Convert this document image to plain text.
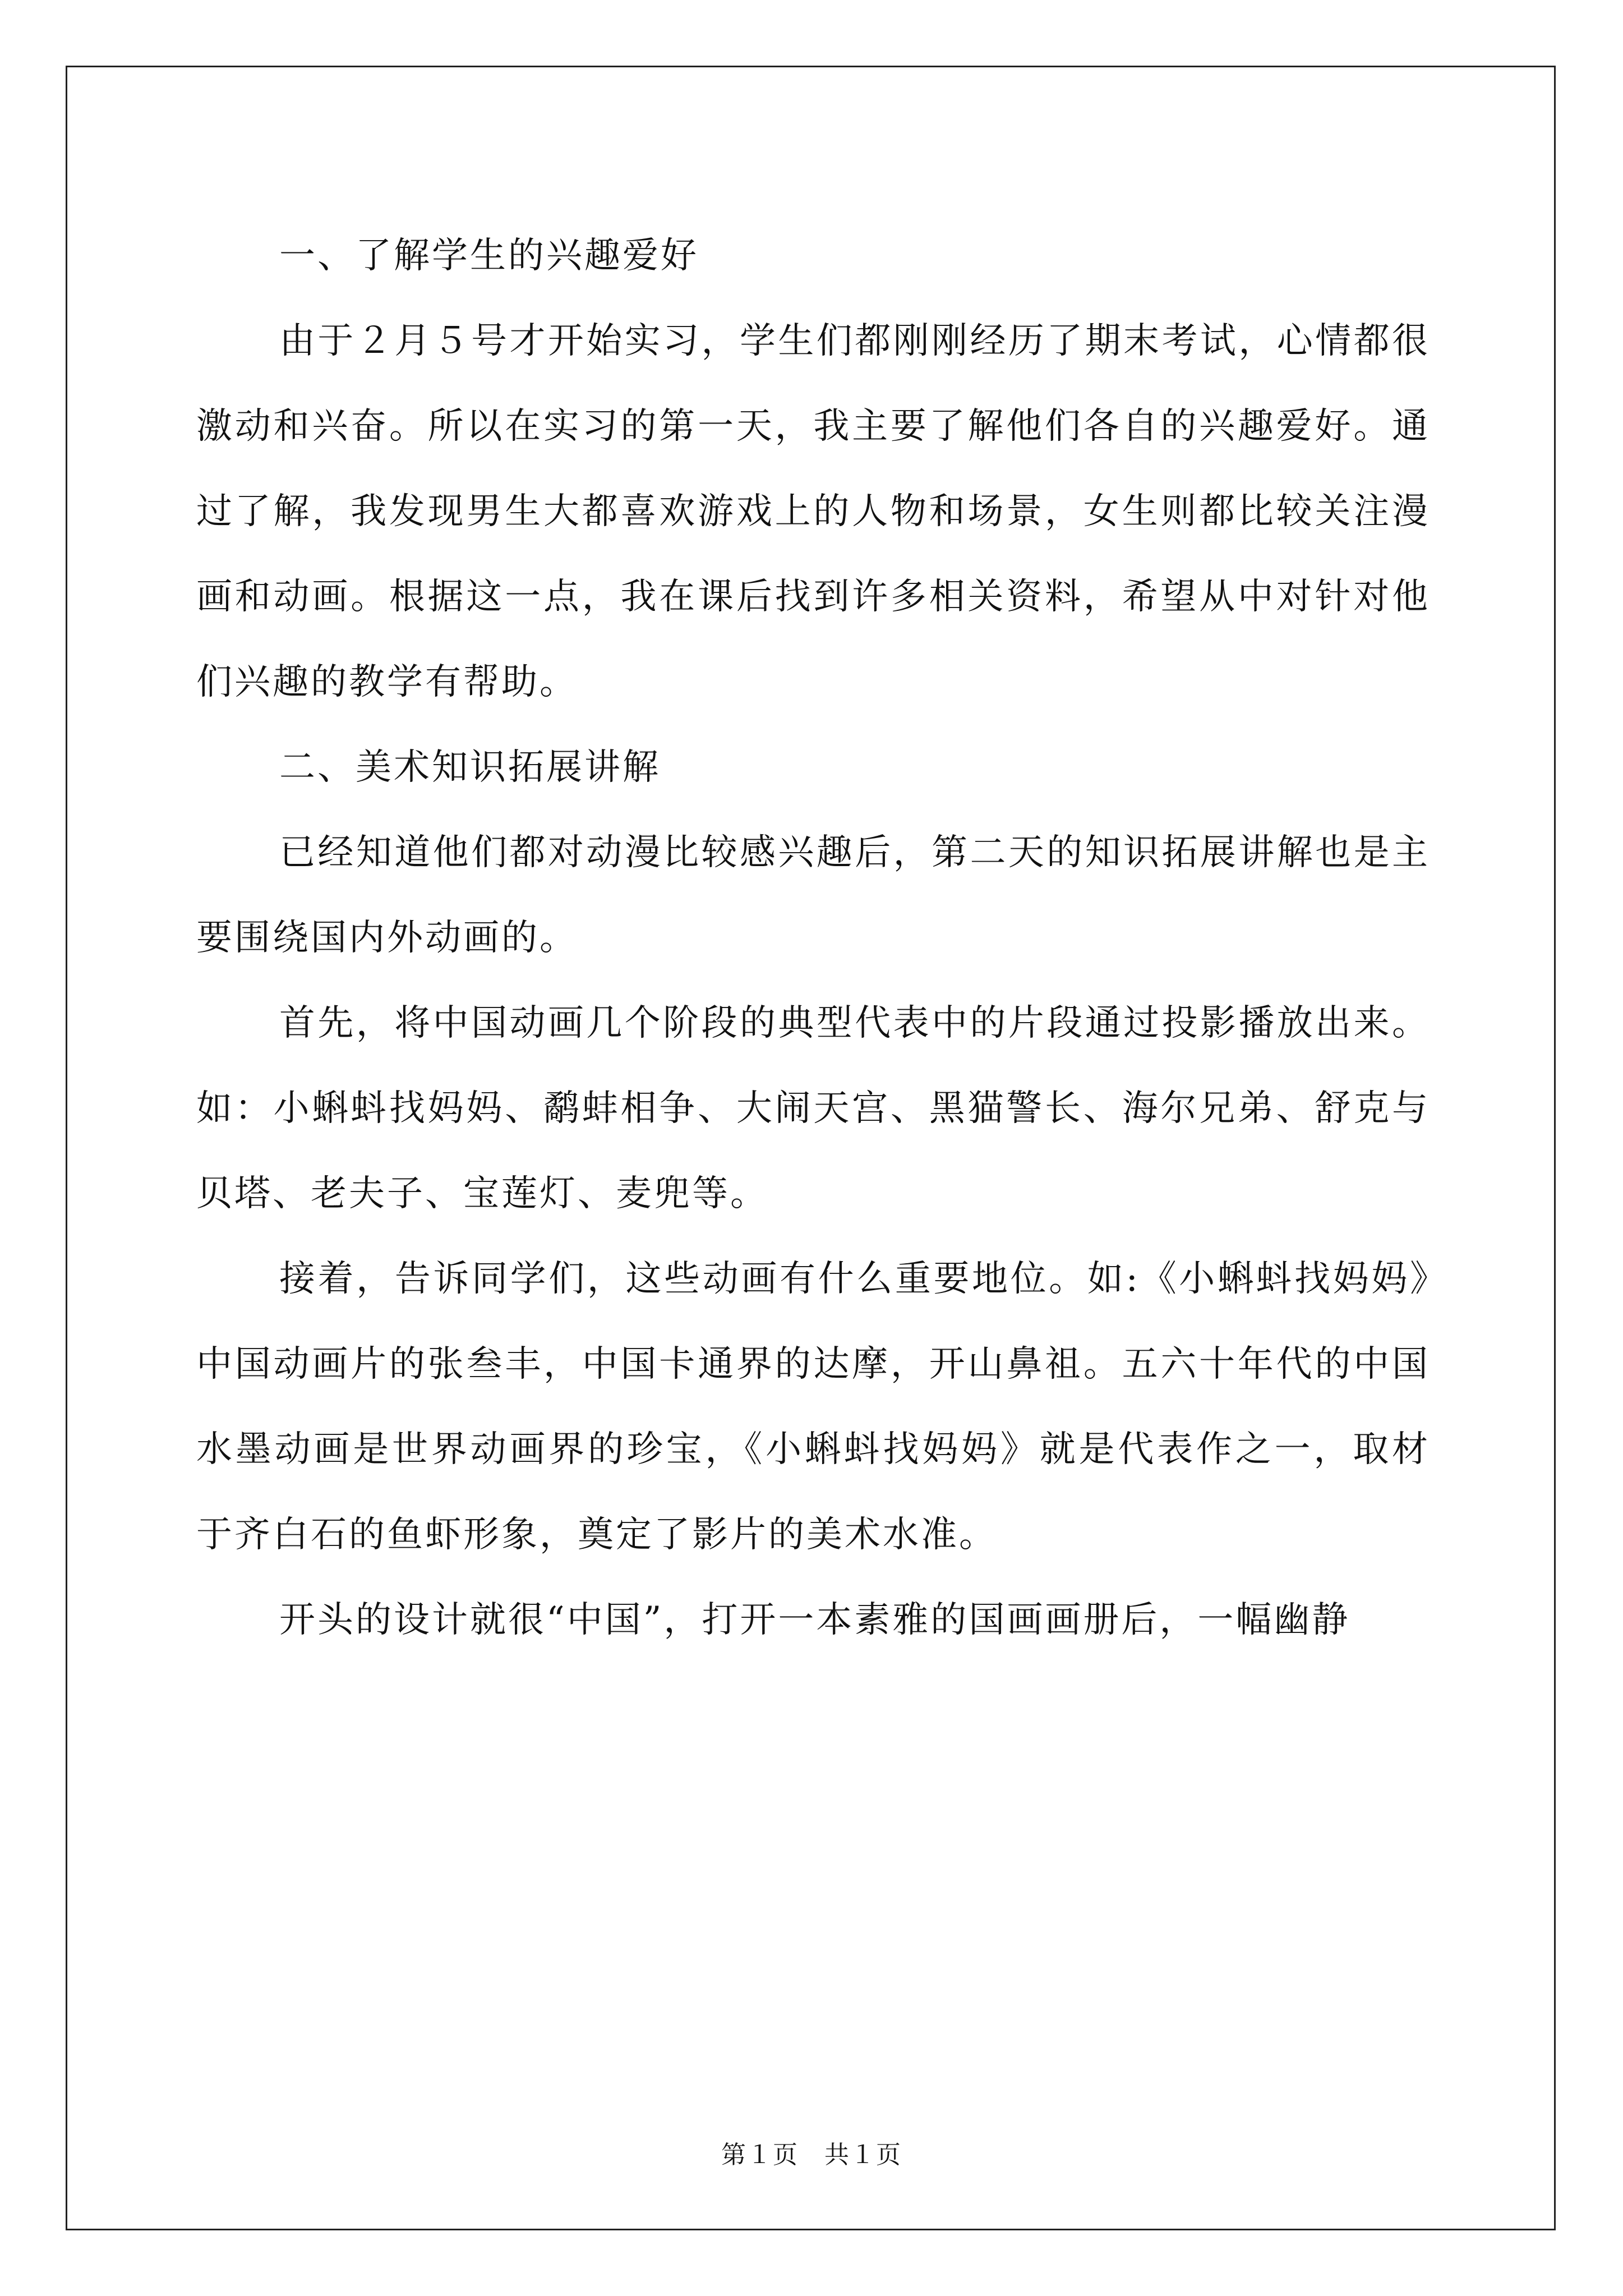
一、了解学生的兴趣爱好

由于２月５号才开始实习，学生们都刚刚经历了期末考试，心情都很激动和兴奋。所以在实习的第一天，我主要了解他们各自的兴趣爱好。通过了解，我发现男生大都喜欢游戏上的人物和场景，女生则都比较关注漫画和动画。根据这一点，我在课后找到许多相关资料，希望从中对针对他们兴趣的教学有帮助。

二、美术知识拓展讲解

已经知道他们都对动漫比较感兴趣后，第二天的知识拓展讲解也是主要围绕国内外动画的。

首先，将中国动画几个阶段的典型代表中的片段通过投影播放出来。如：小蝌蚪找妈妈、鹬蚌相争、大闹天宫、黑猫警长、海尔兄弟、舒克与贝塔、老夫子、宝莲灯、麦兜等。

接着，告诉同学们，这些动画有什么重要地位。如:《小蝌蚪找妈妈》中国动画片的张叁丰，中国卡通界的达摩，开山鼻祖。五六十年代的中国水墨动画是世界动画界的珍宝，《小蝌蚪找妈妈》就是代表作之一，取材于齐白石的鱼虾形象，奠定了影片的美术水准。

开头的设计就很“中国”，打开一本素雅的国画画册后，一幅幽静

第１页　共１页
